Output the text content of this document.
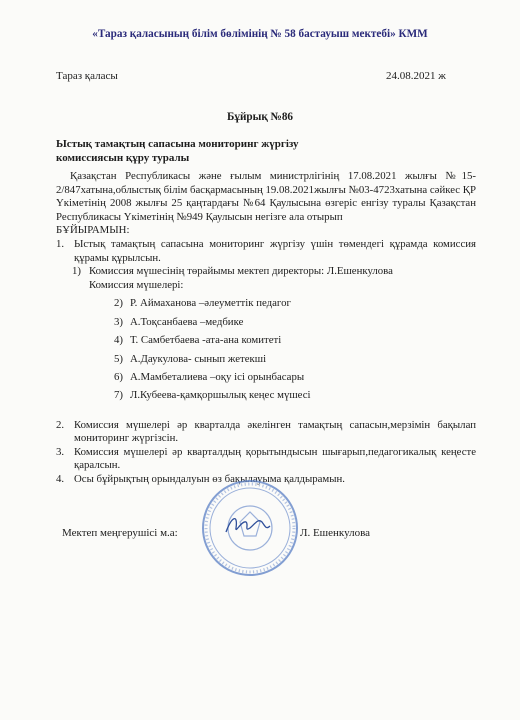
«Тараз қаласының білім бөлімінің № 58 бастауыш мектебі» КММ
Тараз қаласы	24.08.2021 ж
Бұйрық №86
Ыстық тамақтың сапасына мониторинг жүргізу
комиссиясын құру туралы

Қазақстан Республикасы және ғылым министрлігінің 17.08.2021 жылғы №15-2/847хатына,облыстық білім басқармасының 19.08.2021жылғы №03-4723хатына сәйкес ҚР Үкіметінің 2008 жылғы 25 қаңтардағы №64 Қаулысына өзгеріс енгізу туралы Қазақстан Республикасы Үкіметінің №949 Қаулысын негізге ала отырып

БҰЙЫРАМЫН:

1. Ыстық тамақтың сапасына мониторинг жүргізу үшін төмендегі құрамда комиссия құрамы құрылсын.
1) Комиссия мүшесінің төрайымы мектеп директоры: Л.Ешенкулова
Комиссия мүшелері:
2) Р. Аймаханова –әлеуметтік педагог
3) А.Тоқсанбаева –медбике
4) Т. Самбетбаева -ата-ана комитеті
5) А.Даукулова- сынып жетекші
6) А.Мамбеталиева –оқу ісі орынбасары
7) Л.Кубеева-қамқоршылық кеңес мүшесі
2. Комиссия мүшелері әр кварталда әкелінген тамақтың сапасын,мерзімін бақылап мониторинг жүргізсін.
3. Комиссия мүшелері әр кварталдың қорытындысын шығарып,педагогикалық кеңесте қаралсын.
4. Осы бұйрықтың орындалуын өз бақылауыма қалдырамын.
Мектеп меңгерушісі м.а:	Л. Ешенкулова
